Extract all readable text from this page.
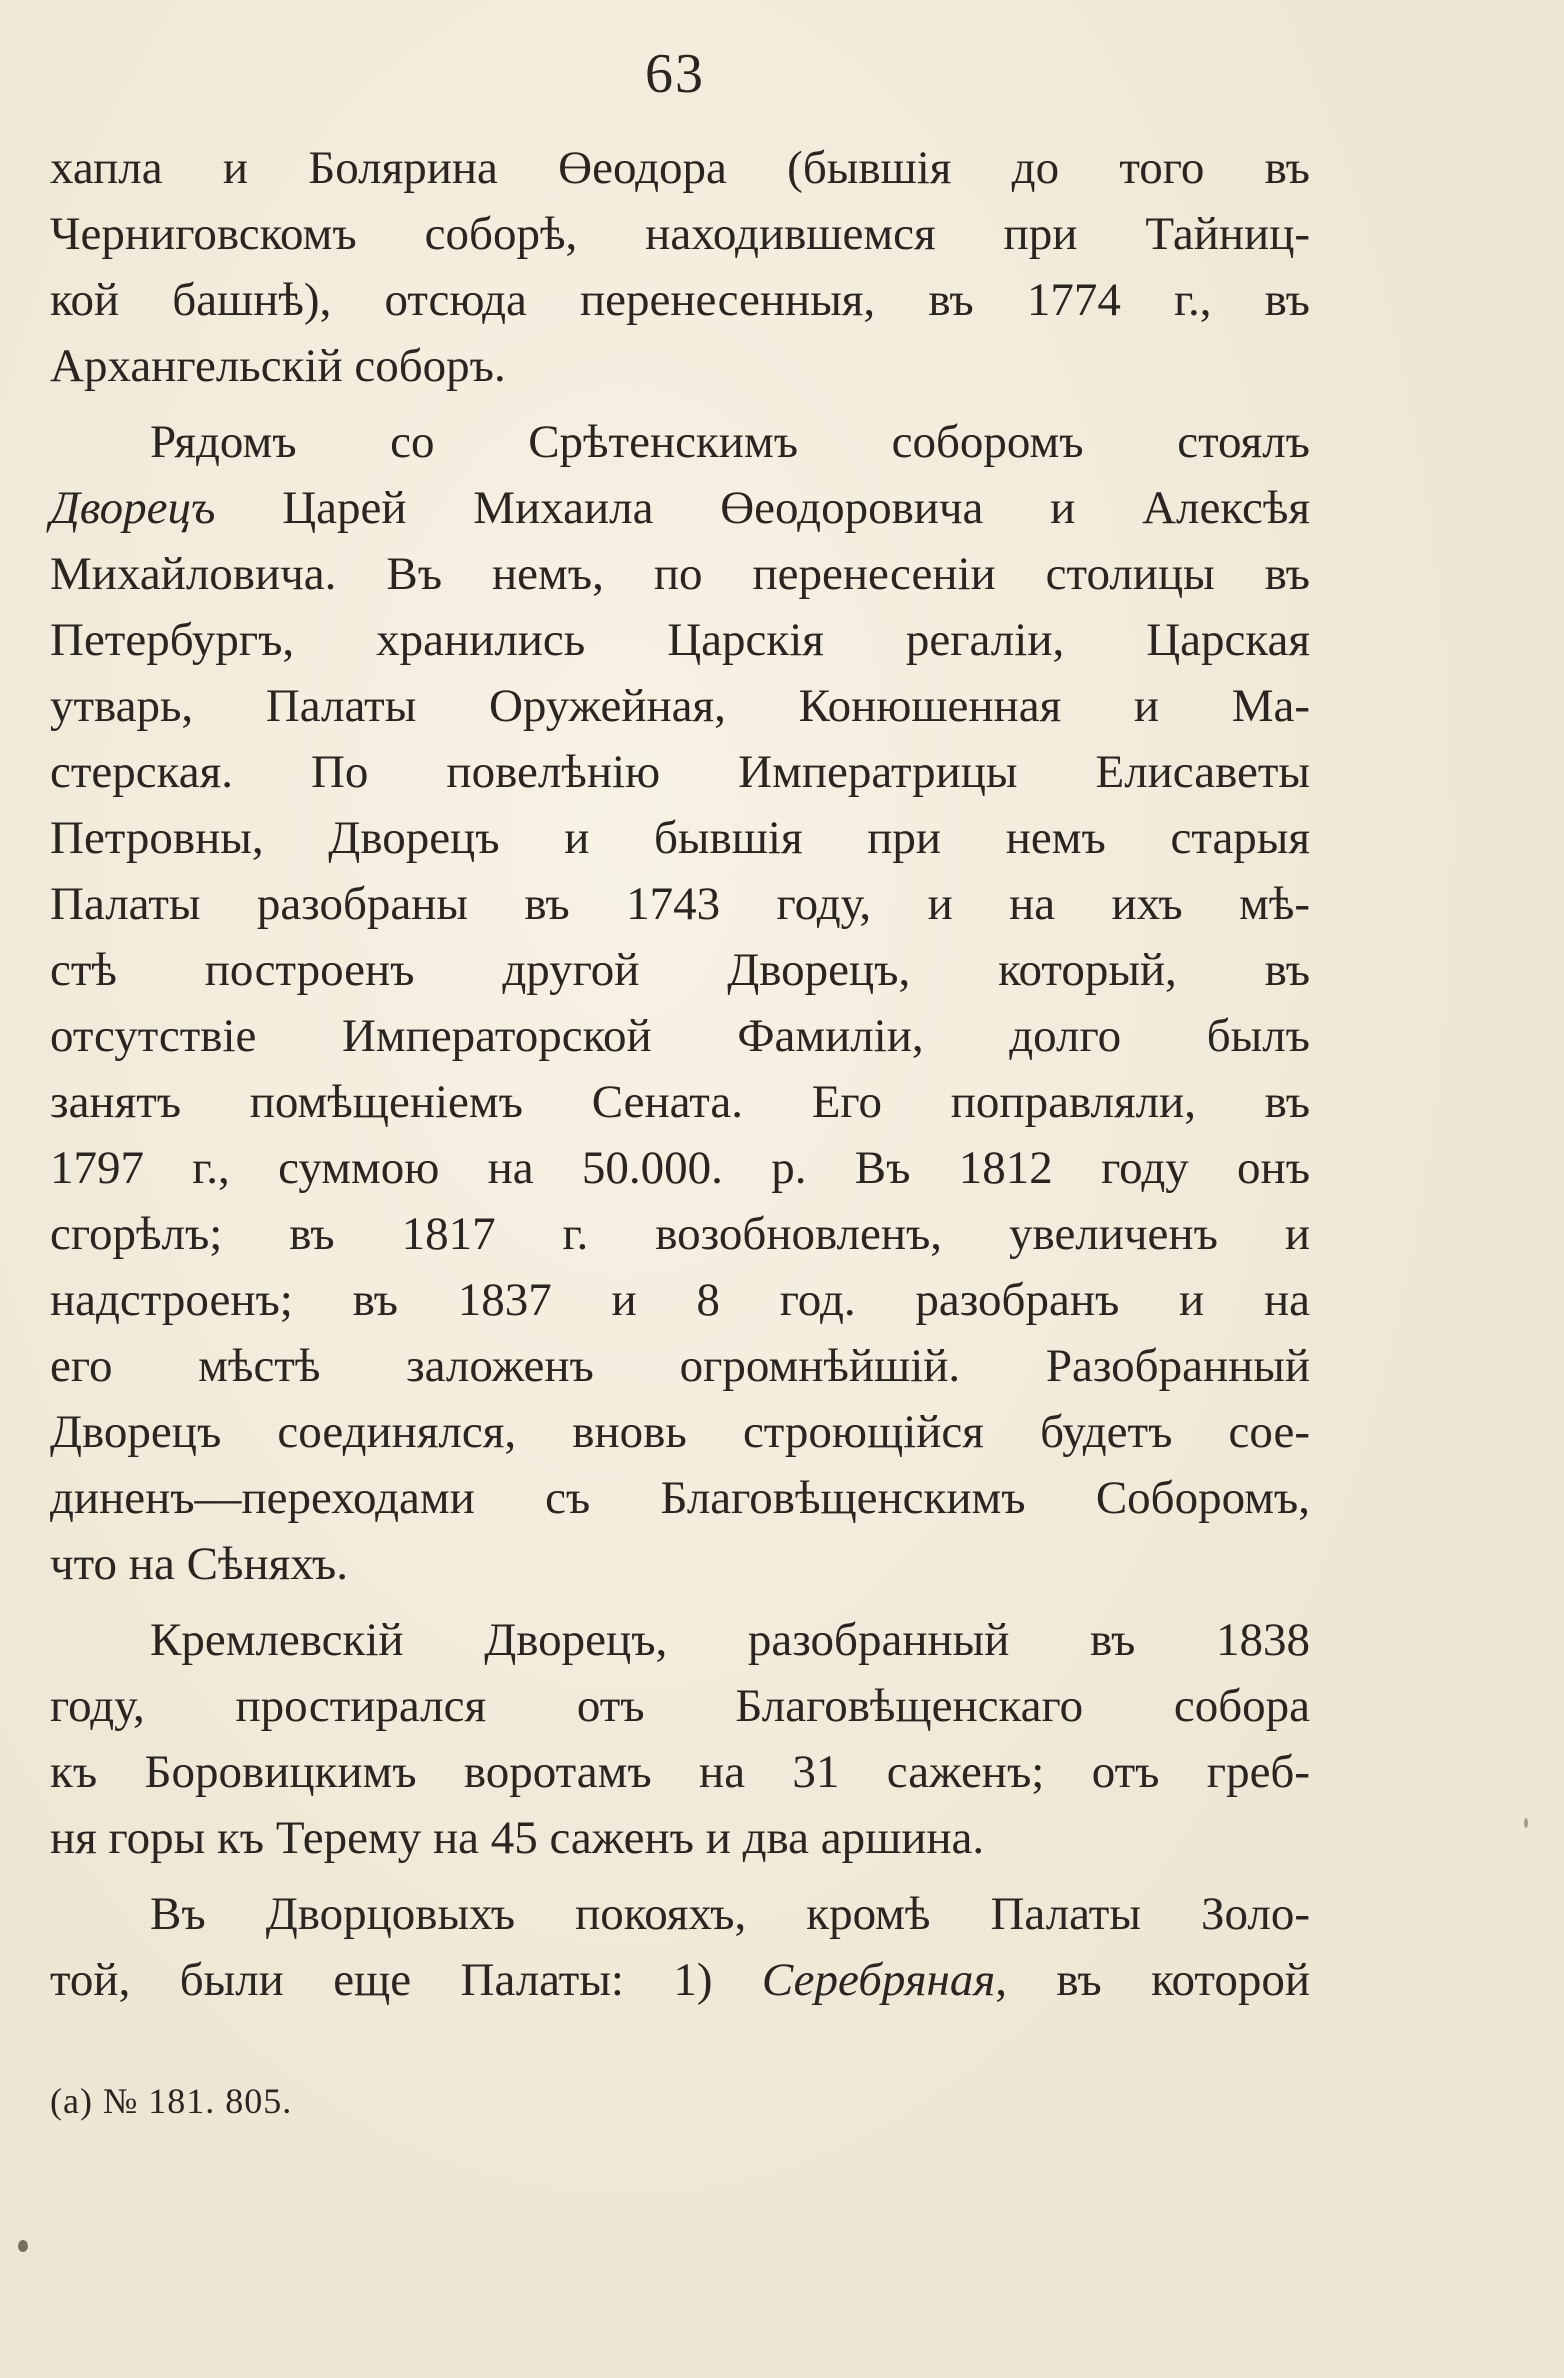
63
хапла и Болярина Өеодора (бывшія до того въ
Черниговскомъ соборѣ, находившемся при Тайниц-
кой башнѣ), отсюда перенесенныя, въ 1774 г., въ
Архангельскій соборъ.
Рядомъ со Срѣтенскимъ соборомъ стоялъ
Дворецъ Царей Михаила Өеодоровича и Алексѣя
Михайловича. Въ немъ, по перенесеніи столицы въ
Петербургъ, хранились Царскія регаліи, Царская
утварь, Палаты Оружейная, Конюшенная и Ма-
стерская. По повелѣнію Императрицы Елисаветы
Петровны, Дворецъ и бывшія при немъ старыя
Палаты разобраны въ 1743 году, и на ихъ мѣ-
стѣ построенъ другой Дворецъ, который, въ
отсутствіе Императорской Фамиліи, долго былъ
занятъ помѣщеніемъ Сената. Его поправляли, въ
1797 г., суммою на 50.000. р. Въ 1812 году онъ
сгорѣлъ; въ 1817 г. возобновленъ, увеличенъ и
надстроенъ; въ 1837 и 8 год. разобранъ и на
его мѣстѣ заложенъ огромнѣйшій. Разобранный
Дворецъ соединялся, вновь строющійся будетъ сое-
диненъ—переходами съ Благовѣщенскимъ Соборомъ,
что на Сѣняхъ.
Кремлевскій Дворецъ, разобранный въ 1838
году, простирался отъ Благовѣщенскаго собора
къ Боровицкимъ воротамъ на 31 саженъ; отъ греб-
ня горы къ Терему на 45 саженъ и два аршина.
Въ Дворцовыхъ покояхъ, кромѣ Палаты Золо-
той, были еще Палаты: 1) Серебряная, въ которой
(а) № 181. 805.
